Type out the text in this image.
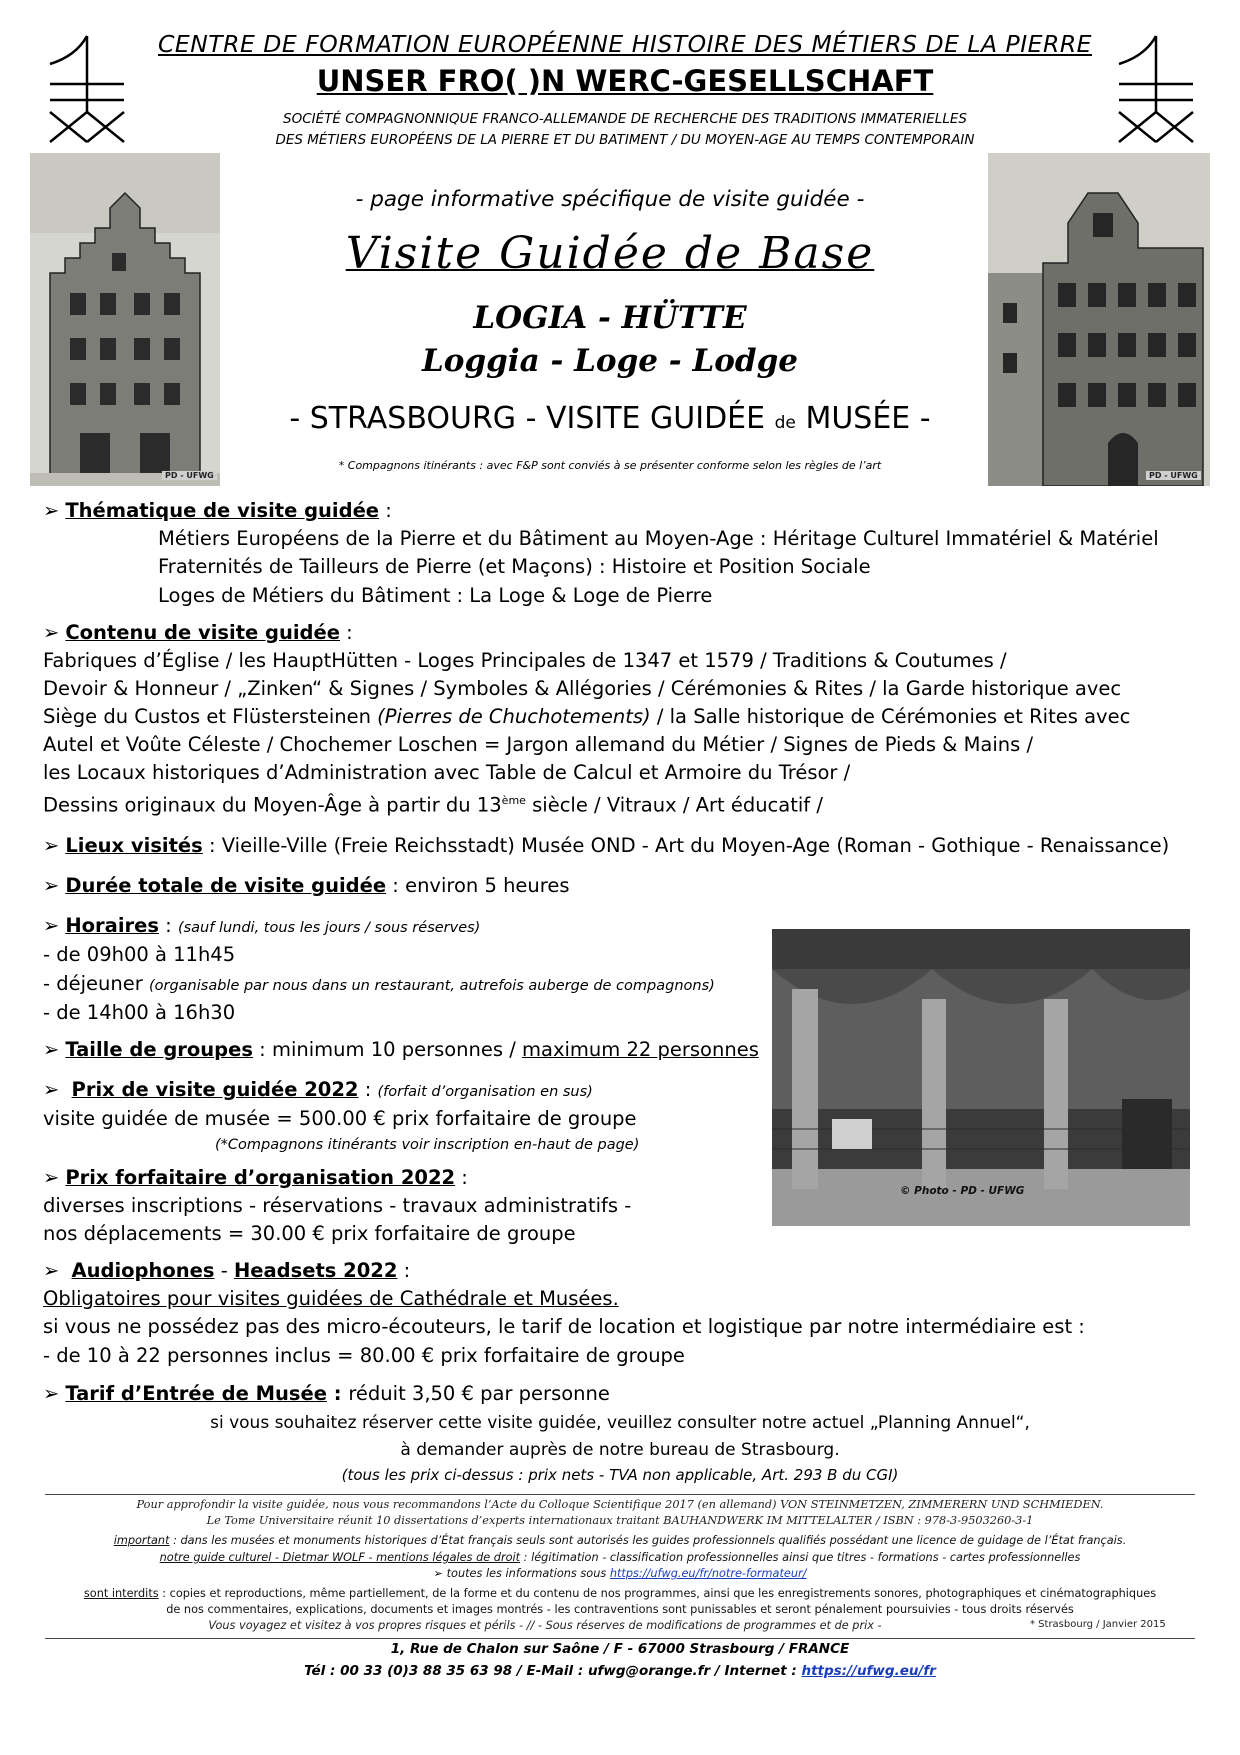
CENTRE DE FORMATION EUROPÉENNE HISTOIRE DES MÉTIERS DE LA PIERRE
UNSER FRO( )N WERC-GESELLSCHAFT
SOCIÉTÉ COMPAGNONNIQUE FRANCO-ALLEMANDE DE RECHERCHE DES TRADITIONS IMMATERIELLES
DES MÉTIERS EUROPÉENS DE LA PIERRE ET DU BATIMENT / DU MOYEN-AGE AU TEMPS CONTEMPORAIN
PD - UFWG	PD - UFWG
- page informative spécifique de visite guidée -
Visite Guidée de Base
LOGIA - HÜTTE
Loggia - Loge - Lodge
- STRASBOURG - VISITE GUIDÉE de MUSÉE -
* Compagnons itinérants : avec F&P sont conviés à se présenter conforme selon les règles de l’art
➢ Thématique de visite guidée :
Métiers Européens de la Pierre et du Bâtiment au Moyen-Age : Héritage Culturel Immatériel & Matériel
Fraternités de Tailleurs de Pierre (et Maçons) : Histoire et Position Sociale
Loges de Métiers du Bâtiment : La Loge & Loge de Pierre
➢ Contenu de visite guidée :
Fabriques d’Église / les HauptHütten - Loges Principales de 1347 et 1579 / Traditions & Coutumes /
Devoir & Honneur / „Zinken“ & Signes / Symboles & Allégories / Cérémonies & Rites / la Garde historique avec
Siège du Custos et Flüstersteinen (Pierres de Chuchotements) / la Salle historique de Cérémonies et Rites avec
Autel et Voûte Céleste / Chochemer Loschen = Jargon allemand du Métier / Signes de Pieds & Mains /
les Locaux historiques d’Administration avec Table de Calcul et Armoire du Trésor /
Dessins originaux du Moyen-Âge à partir du 13ème siècle / Vitraux / Art éducatif /
➢ Lieux visités : Vieille-Ville (Freie Reichsstadt) Musée OND - Art du Moyen-Age (Roman - Gothique - Renaissance)
➢ Durée totale de visite guidée : environ 5 heures
➢ Horaires : (sauf lundi, tous les jours / sous réserves)
- de 09h00 à 11h45
- déjeuner (organisable par nous dans un restaurant, autrefois auberge de compagnons)
- de 14h00 à 16h30
© Photo - PD - UFWG
➢ Taille de groupes : minimum 10 personnes / maximum 22 personnes
➢ Prix de visite guidée 2022 : (forfait d’organisation en sus)
visite guidée de musée = 500.00 € prix forfaitaire de groupe
(*Compagnons itinérants voir inscription en-haut de page)
➢ Prix forfaitaire d’organisation 2022 :
diverses inscriptions - réservations - travaux administratifs -
nos déplacements = 30.00 € prix forfaitaire de groupe
➢ Audiophones - Headsets 2022 :
Obligatoires pour visites guidées de Cathédrale et Musées.
si vous ne possédez pas des micro-écouteurs, le tarif de location et logistique par notre intermédiaire est :
- de 10 à 22 personnes inclus = 80.00 € prix forfaitaire de groupe
➢ Tarif d’Entrée de Musée : réduit 3,50 € par personne
si vous souhaitez réserver cette visite guidée, veuillez consulter notre actuel „Planning Annuel“,
à demander auprès de notre bureau de Strasbourg.
(tous les prix ci-dessus : prix nets - TVA non applicable, Art. 293 B du CGI)
Pour approfondir la visite guidée, nous vous recommandons l’Acte du Colloque Scientifique 2017 (en allemand) VON STEINMETZEN, ZIMMERERN UND SCHMIEDEN.
Le Tome Universitaire réunit 10 dissertations d’experts internationaux traitant BAUHANDWERK IM MITTELALTER / ISBN : 978-3-9503260-3-1
important : dans les musées et monuments historiques d’État français seuls sont autorisés les guides professionnels qualifiés possédant une licence de guidage de l’État français.
notre guide culturel - Dietmar WOLF - mentions légales de droit : légitimation - classification professionnelles ainsi que titres - formations - cartes professionnelles
➢ toutes les informations sous https://ufwg.eu/fr/notre-formateur/
sont interdits : copies et reproductions, même partiellement, de la forme et du contenu de nos programmes, ainsi que les enregistrements sonores, photographiques et cinématographiques
de nos commentaires, explications, documents et images montrés - les contraventions sont punissables et seront pénalement poursuivies - tous droits réservés
Vous voyagez et visitez à vos propres risques et périls - // - Sous réserves de modifications de programmes et de prix -	* Strasbourg / Janvier 2015
1, Rue de Chalon sur Saône / F - 67000 Strasbourg / FRANCE
Tél : 00 33 (0)3 88 35 63 98 / E-Mail : ufwg@orange.fr / Internet : https://ufwg.eu/fr
